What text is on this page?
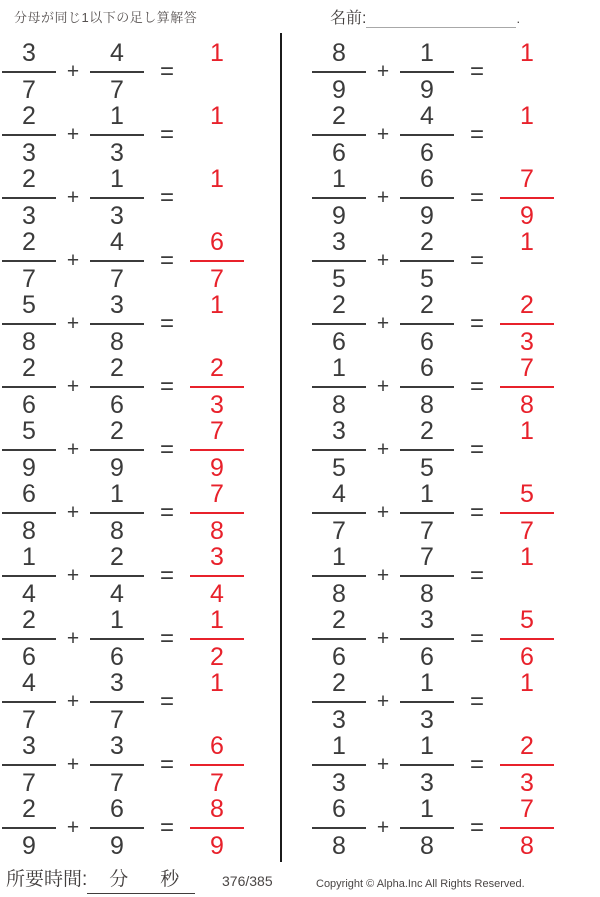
分母が同じ1以下の足し算解答	名前:	.
$\frac{3}{7} + \frac{4}{7}$ =
1
$\frac{2}{3} + \frac{1}{3}$ =
1
$\frac{2}{3} + \frac{1}{3}$ =
1
$\frac{2}{7} + \frac{4}{7} = \frac{6}{7}$
$\frac{5}{8} + \frac{3}{8}$ =
1
$\frac{2}{6} + \frac{2}{6} = \frac{2}{3}$
$\frac{5}{9} + \frac{2}{9} = \frac{7}{9}$
$\frac{6}{8} + \frac{1}{8} = \frac{7}{8}$
$\frac{1}{4} + \frac{2}{4} = \frac{3}{4}$
$\frac{2}{6} + \frac{1}{6} = \frac{1}{2}$
$\frac{4}{7} + \frac{3}{7}$ =
1
$\frac{3}{7} + \frac{3}{7} = \frac{6}{7}$
$\frac{2}{9} + \frac{6}{9} = \frac{8}{9}$
$\frac{8}{9} + \frac{1}{9}$ =
1
$\frac{2}{6} + \frac{4}{6}$ =
1
$\frac{1}{9} + \frac{6}{9} = \frac{7}{9}$
$\frac{3}{5} + \frac{2}{5}$ =
1
$\frac{2}{6} + \frac{2}{6} = \frac{2}{3}$
$\frac{1}{8} + \frac{6}{8} = \frac{7}{8}$
$\frac{3}{5} + \frac{2}{5}$ =
1
$\frac{4}{7} + \frac{1}{7} = \frac{5}{7}$
$\frac{1}{8} + \frac{7}{8}$ =
1
$\frac{2}{6} + \frac{3}{6} = \frac{5}{6}$
$\frac{2}{3} + \frac{1}{3}$ =
1
$\frac{1}{3} + \frac{1}{3} = \frac{2}{3}$
$\frac{6}{8} + \frac{1}{8} = \frac{7}{8}$
所要時間: 分 秒	376/385	Copyright © Alpha.Inc All Rights Reserved.
